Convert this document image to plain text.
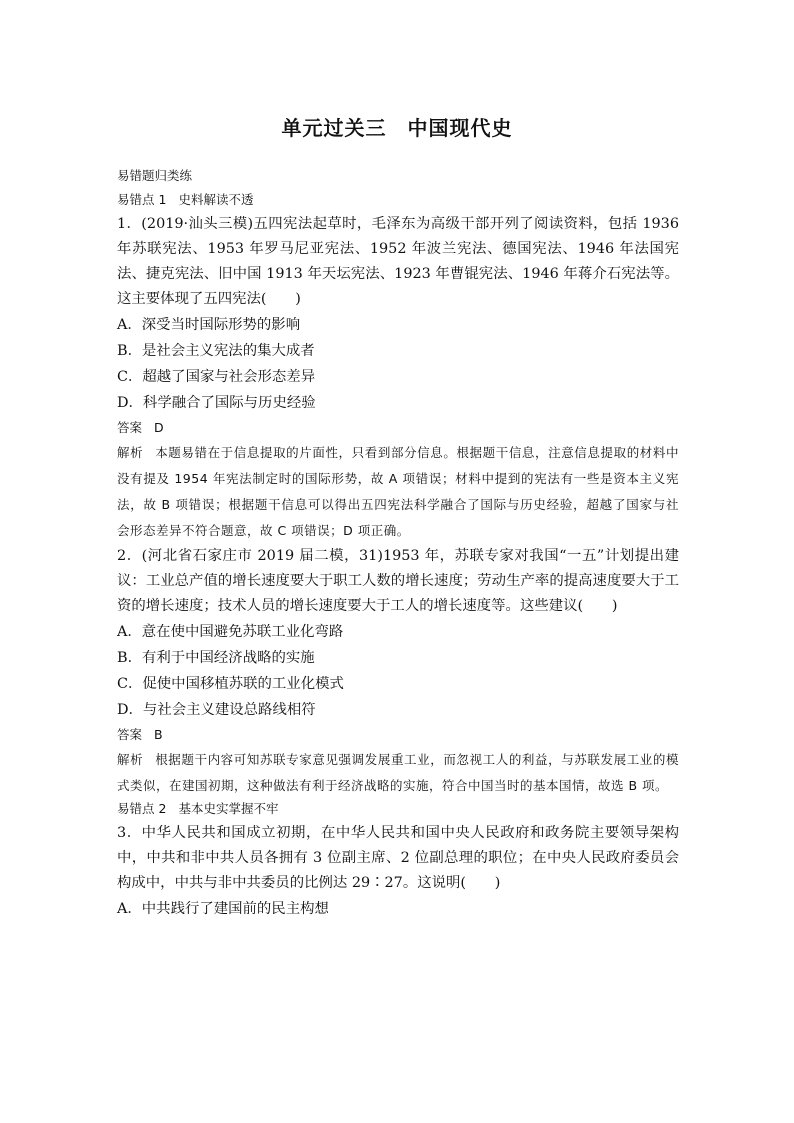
单元过关三　中国现代史

易错题归类练

易错点 1 史料解读不透

1．(2019·汕头三模)五四宪法起草时，毛泽东为高级干部开列了阅读资料，包括 1936 年苏联宪法、1953 年罗马尼亚宪法、1952 年波兰宪法、德国宪法、1946 年法国宪法、捷克宪法、旧中国 1913 年天坛宪法、1923 年曹锟宪法、1946 年蒋介石宪法等。这主要体现了五四宪法(　　)

A．深受当时国际形势的影响

B．是社会主义宪法的集大成者

C．超越了国家与社会形态差异

D．科学融合了国际与历史经验

答案 D

解析 本题易错在于信息提取的片面性，只看到部分信息。根据题干信息，注意信息提取的材料中没有提及 1954 年宪法制定时的国际形势，故 A 项错误；材料中提到的宪法有一些是资本主义宪法，故 B 项错误；根据题干信息可以得出五四宪法科学融合了国际与历史经验，超越了国家与社会形态差异不符合题意，故 C 项错误；D 项正确。

2．(河北省石家庄市 2019 届二模，31)1953 年，苏联专家对我国“一五”计划提出建议：工业总产值的增长速度要大于职工人数的增长速度；劳动生产率的提高速度要大于工资的增长速度；技术人员的增长速度要大于工人的增长速度等。这些建议(　　)

A．意在使中国避免苏联工业化弯路

B．有利于中国经济战略的实施

C．促使中国移植苏联的工业化模式

D．与社会主义建设总路线相符

答案 B

解析 根据题干内容可知苏联专家意见强调发展重工业，而忽视工人的利益，与苏联发展工业的模式类似，在建国初期，这种做法有利于经济战略的实施，符合中国当时的基本国情，故选 B 项。

易错点 2 基本史实掌握不牢

3．中华人民共和国成立初期，在中华人民共和国中央人民政府和政务院主要领导架构中，中共和非中共人员各拥有 3 位副主席、2 位副总理的职位；在中央人民政府委员会构成中，中共与非中共委员的比例达 29∶27。这说明(　　)

A．中共践行了建国前的民主构想
